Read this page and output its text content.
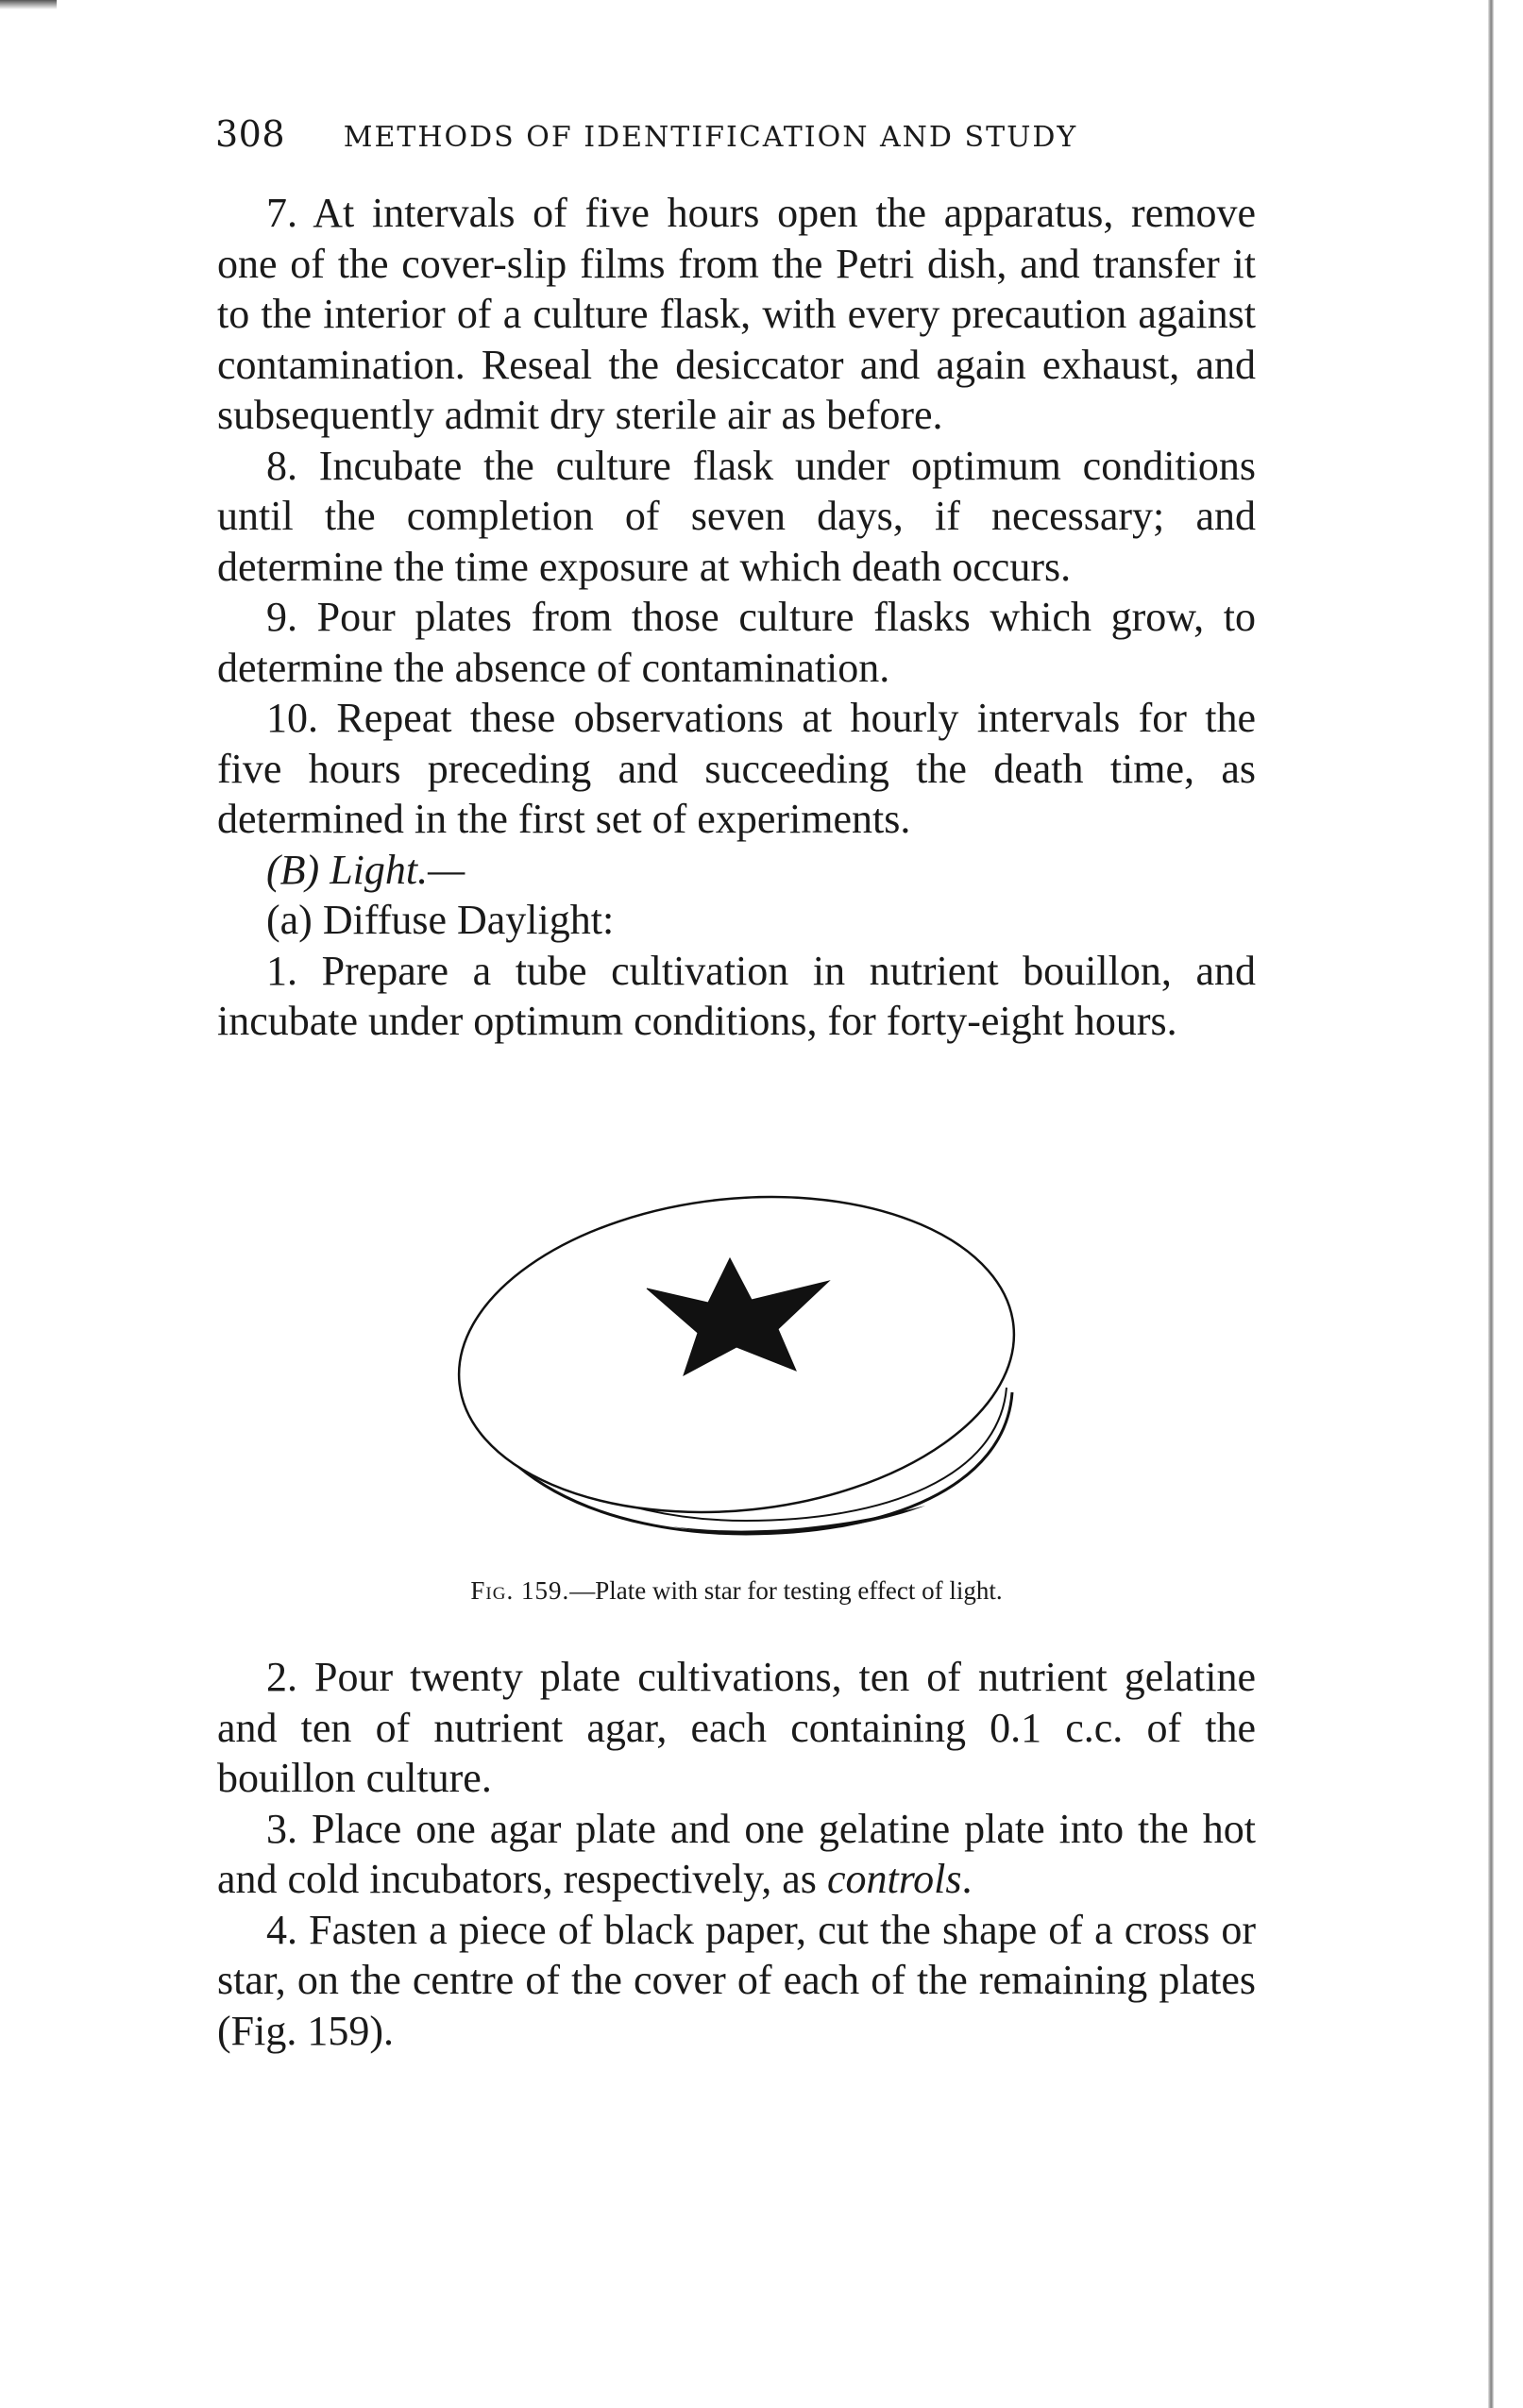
308 METHODS OF IDENTIFICATION AND STUDY

7. At intervals of five hours open the apparatus, remove one of the cover-slip films from the Petri dish, and transfer it to the interior of a culture flask, with every precaution against contamination. Reseal the desiccator and again exhaust, and subsequently admit dry sterile air as before.

8. Incubate the culture flask under optimum conditions until the completion of seven days, if necessary; and determine the time exposure at which death occurs.

9. Pour plates from those culture flasks which grow, to determine the absence of contamination.

10. Repeat these observations at hourly intervals for the five hours preceding and succeeding the death time, as determined in the first set of experiments.

(B) Light.—

(a) Diffuse Daylight:

1. Prepare a tube cultivation in nutrient bouillon, and incubate under optimum conditions, for forty-eight hours.

Fig. 159.—Plate with star for testing effect of light.

2. Pour twenty plate cultivations, ten of nutrient gelatine and ten of nutrient agar, each containing 0.1 c.c. of the bouillon culture.

3. Place one agar plate and one gelatine plate into the hot and cold incubators, respectively, as controls.

4. Fasten a piece of black paper, cut the shape of a cross or star, on the centre of the cover of each of the remaining plates (Fig. 159).
